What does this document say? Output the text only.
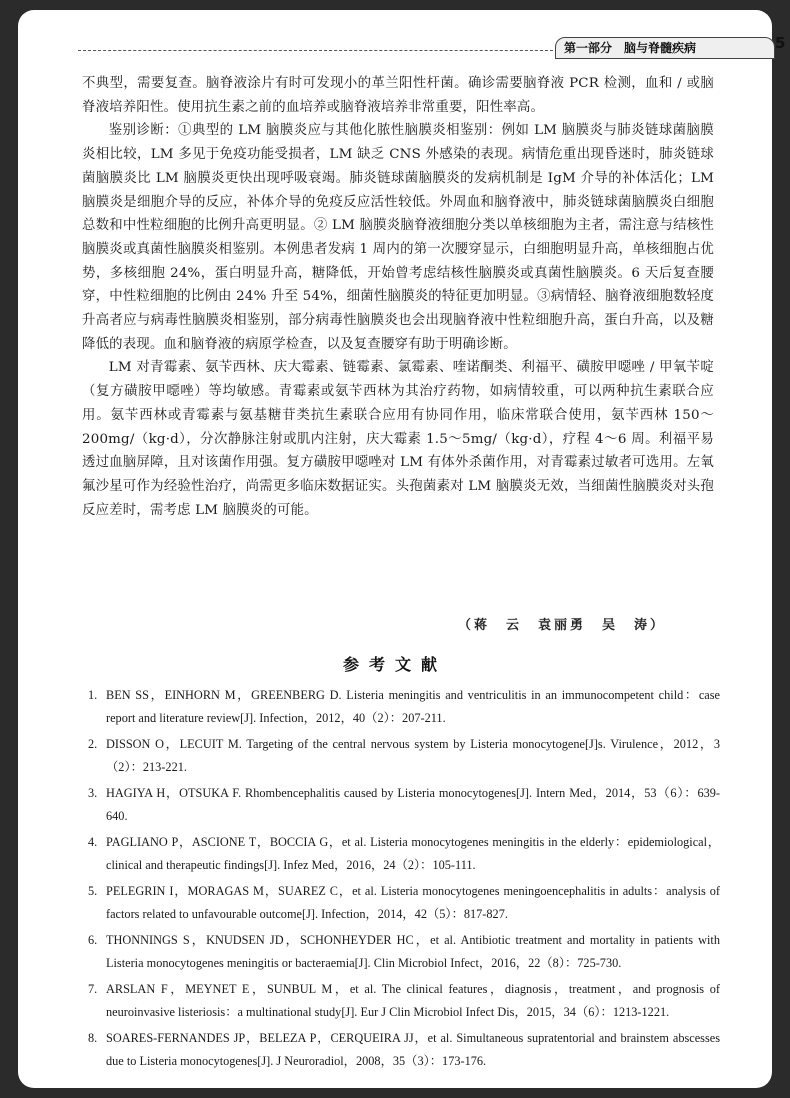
第一部分　脑与脊髓疾病	5

不典型，需要复查。脑脊液涂片有时可发现小的革兰阳性杆菌。确诊需要脑脊液 PCR 检测，血和 / 或脑脊液培养阳性。使用抗生素之前的血培养或脑脊液培养非常重要，阳性率高。

鉴别诊断：①典型的 LM 脑膜炎应与其他化脓性脑膜炎相鉴别：例如 LM 脑膜炎与肺炎链球菌脑膜炎相比较，LM 多见于免疫功能受损者，LM 缺乏 CNS 外感染的表现。病情危重出现昏迷时，肺炎链球菌脑膜炎比 LM 脑膜炎更快出现呼吸衰竭。肺炎链球菌脑膜炎的发病机制是 IgM 介导的补体活化；LM 脑膜炎是细胞介导的反应，补体介导的免疫反应活性较低。外周血和脑脊液中，肺炎链球菌脑膜炎白细胞总数和中性粒细胞的比例升高更明显。② LM 脑膜炎脑脊液细胞分类以单核细胞为主者，需注意与结核性脑膜炎或真菌性脑膜炎相鉴别。本例患者发病 1 周内的第一次腰穿显示，白细胞明显升高，单核细胞占优势，多核细胞 24%，蛋白明显升高，糖降低，开始曾考虑结核性脑膜炎或真菌性脑膜炎。6 天后复查腰穿，中性粒细胞的比例由 24% 升至 54%，细菌性脑膜炎的特征更加明显。③病情轻、脑脊液细胞数轻度升高者应与病毒性脑膜炎相鉴别，部分病毒性脑膜炎也会出现脑脊液中性粒细胞升高，蛋白升高，以及糖降低的表现。血和脑脊液的病原学检查，以及复查腰穿有助于明确诊断。

LM 对青霉素、氨苄西林、庆大霉素、链霉素、氯霉素、喹诺酮类、利福平、磺胺甲噁唑 / 甲氧苄啶（复方磺胺甲噁唑）等均敏感。青霉素或氨苄西林为其治疗药物，如病情较重，可以两种抗生素联合应用。氨苄西林或青霉素与氨基糖苷类抗生素联合应用有协同作用，临床常联合使用，氨苄西林 150～200mg/（kg·d），分次静脉注射或肌内注射，庆大霉素 1.5～5mg/（kg·d），疗程 4～6 周。利福平易透过血脑屏障，且对该菌作用强。复方磺胺甲噁唑对 LM 有体外杀菌作用，对青霉素过敏者可选用。左氧氟沙星可作为经验性治疗，尚需更多临床数据证实。头孢菌素对 LM 脑膜炎无效，当细菌性脑膜炎对头孢反应差时，需考虑 LM 脑膜炎的可能。

（蒋　云　袁丽勇　吴　涛）
参考文献
1. BEN SS，EINHORN M，GREENBERG D. Listeria meningitis and ventriculitis in an immunocompetent child：case report and literature review[J]. Infection，2012，40（2）：207-211.
2. DISSON O，LECUIT M. Targeting of the central nervous system by Listeria monocytogene[J]s. Virulence，2012，3（2）：213-221.
3. HAGIYA H，OTSUKA F. Rhombencephalitis caused by Listeria monocytogenes[J]. Intern Med，2014，53（6）：639-640.
4. PAGLIANO P，ASCIONE T，BOCCIA G，et al. Listeria monocytogenes meningitis in the elderly：epidemiological，clinical and therapeutic findings[J]. Infez Med，2016，24（2）：105-111.
5. PELEGRIN I，MORAGAS M，SUAREZ C，et al. Listeria monocytogenes meningoencephalitis in adults：analysis of factors related to unfavourable outcome[J]. Infection，2014，42（5）：817-827.
6. THONNINGS S，KNUDSEN JD，SCHONHEYDER HC，et al. Antibiotic treatment and mortality in patients with Listeria monocytogenes meningitis or bacteraemia[J]. Clin Microbiol Infect，2016，22（8）：725-730.
7. ARSLAN F，MEYNET E，SUNBUL M，et al. The clinical features，diagnosis，treatment，and prognosis of neuroinvasive listeriosis：a multinational study[J]. Eur J Clin Microbiol Infect Dis，2015，34（6）：1213-1221.
8. SOARES-FERNANDES JP，BELEZA P，CERQUEIRA JJ，et al. Simultaneous supratentorial and brainstem abscesses due to Listeria monocytogenes[J]. J Neuroradiol，2008，35（3）：173-176.
